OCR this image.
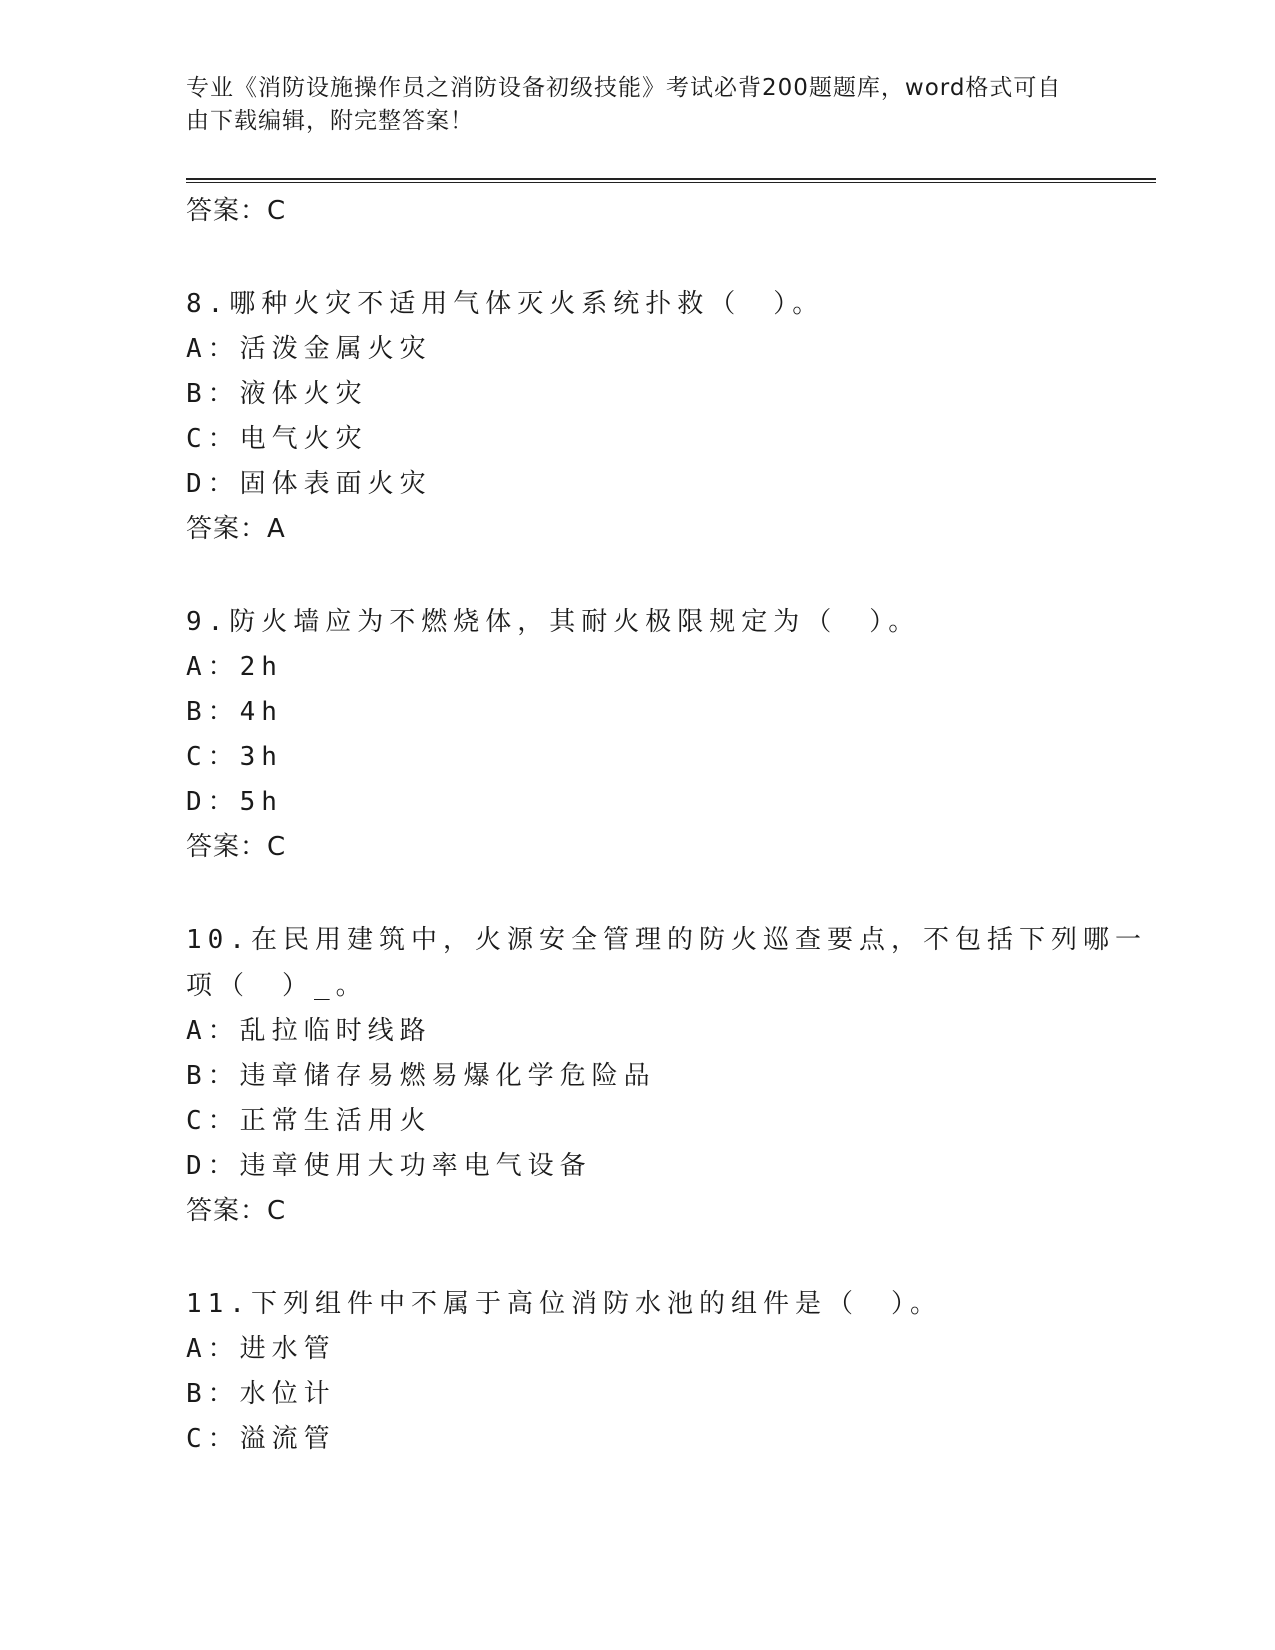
专业《消防设施操作员之消防设备初级技能》考试必背200题题库，word格式可自由下载编辑，附完整答案！

答案：C

8.哪种火灾不适用气体灭火系统扑救（　）。

A：活泼金属火灾

B：液体火灾

C：电气火灾

D：固体表面火灾

答案：A

9.防火墙应为不燃烧体，其耐火极限规定为（　）。

A：2h

B：4h

C：3h

D：5h

答案：C

10.在民用建筑中，火源安全管理的防火巡查要点，不包括下列哪一项（　）_。

A：乱拉临时线路

B：违章储存易燃易爆化学危险品

C：正常生活用火

D：违章使用大功率电气设备

答案：C

11.下列组件中不属于高位消防水池的组件是（　）。

A：进水管

B：水位计

C：溢流管
